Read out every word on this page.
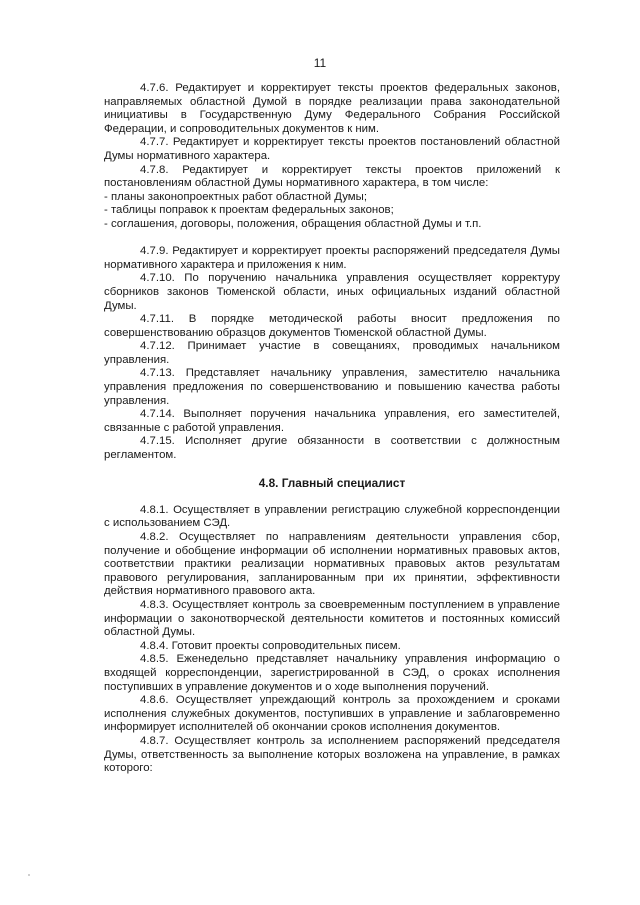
11

4.7.6. Редактирует и корректирует тексты проектов федеральных законов, направляемых областной Думой в порядке реализации права законодательной инициативы в Государственную Думу Федерального Собрания Российской Федерации, и сопроводительных документов к ним.

4.7.7. Редактирует и корректирует тексты проектов постановлений областной Думы нормативного характера.

4.7.8. Редактирует и корректирует тексты проектов приложений к постановлениям областной Думы нормативного характера, в том числе:

- планы законопроектных работ областной Думы;

- таблицы поправок к проектам федеральных законов;

- соглашения, договоры, положения, обращения областной Думы и т.п.

4.7.9. Редактирует и корректирует проекты распоряжений председателя Думы нормативного характера и приложения к ним.

4.7.10. По поручению начальника управления осуществляет корректуру сборников законов Тюменской области, иных официальных изданий областной Думы.

4.7.11. В порядке методической работы вносит предложения по совершенствованию образцов документов Тюменской областной Думы.

4.7.12. Принимает участие в совещаниях, проводимых начальником управления.

4.7.13. Представляет начальнику управления, заместителю начальника управления предложения по совершенствованию и повышению качества работы управления.

4.7.14. Выполняет поручения начальника управления, его заместителей, связанные с работой управления.

4.7.15. Исполняет другие обязанности в соответствии с должностным регламентом.

4.8. Главный специалист

4.8.1. Осуществляет в управлении регистрацию служебной корреспонденции с использованием СЭД.

4.8.2. Осуществляет по направлениям деятельности управления сбор, получение и обобщение информации об исполнении нормативных правовых актов, соответствии практики реализации нормативных правовых актов результатам правового регулирования, запланированным при их принятии, эффективности действия нормативного правового акта.

4.8.3. Осуществляет контроль за своевременным поступлением в управление информации о законотворческой деятельности комитетов и постоянных комиссий областной Думы.

4.8.4. Готовит проекты сопроводительных писем.

4.8.5. Еженедельно представляет начальнику управления информацию о входящей корреспонденции, зарегистрированной в СЭД, о сроках исполнения поступивших в управление документов и о ходе выполнения поручений.

4.8.6. Осуществляет упреждающий контроль за прохождением и сроками исполнения служебных документов, поступивших в управление и заблаговременно информирует исполнителей об окончании сроков исполнения документов.

4.8.7. Осуществляет контроль за исполнением распоряжений председателя Думы, ответственность за выполнение которых возложена на управление, в рамках которого:
